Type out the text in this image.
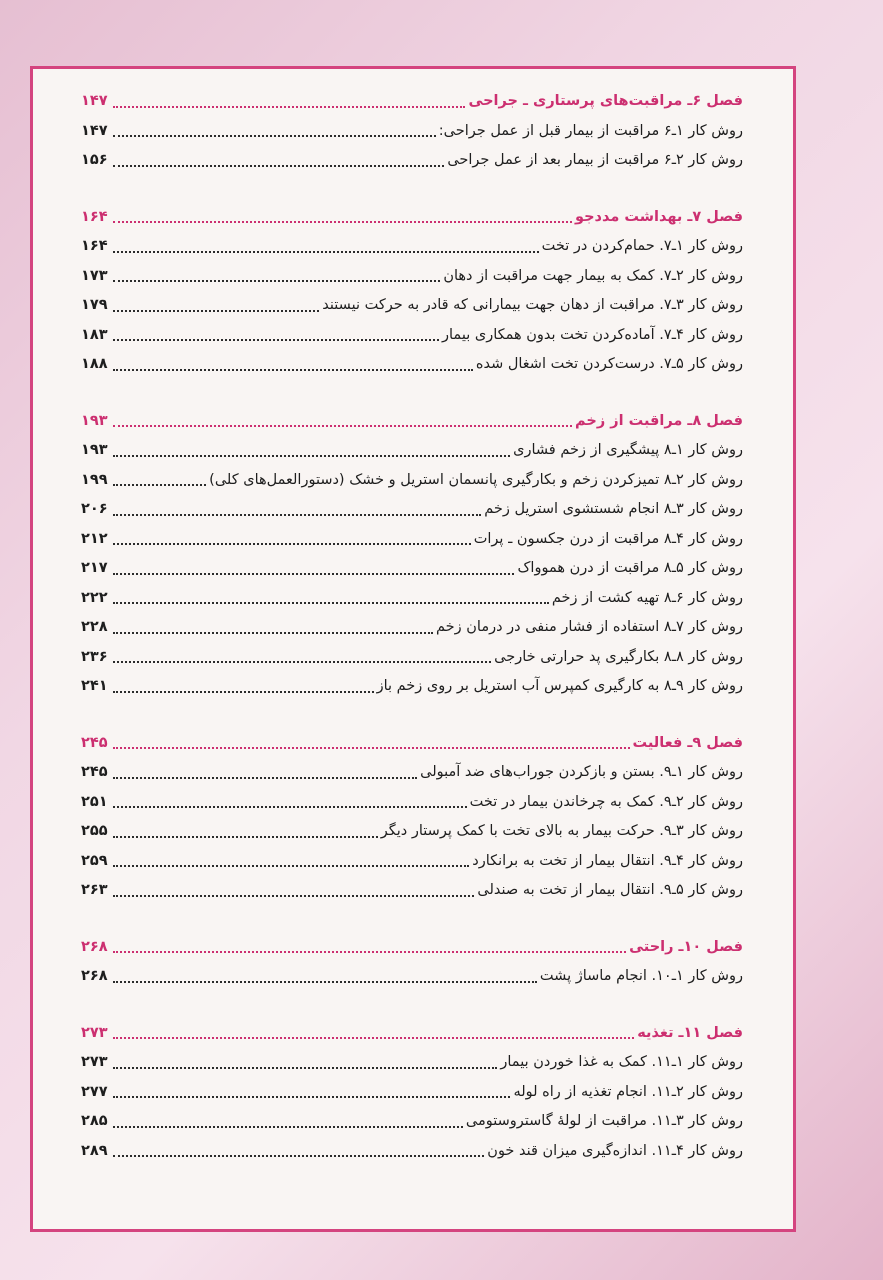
فصل ۶ـ مراقبت‌های پرستاری ـ جراحی
۱۴۷
روش کار ۱ـ۶ مراقبت از بیمار قبل از عمل جراحی:
۱۴۷
روش کار ۲ـ۶ مراقبت از بیمار بعد از عمل جراحی
۱۵۶
فصل ۷ـ بهداشت مددجو
۱۶۴
روش کار ۱ـ۷. حمام‌کردن در تخت
۱۶۴
روش کار ۲ـ۷. کمک به بیمار جهت مراقبت از دهان
۱۷۳
روش کار ۳ـ۷. مراقبت از دهان جهت بیمارانی که قادر به حرکت نیستند
۱۷۹
روش کار ۴ـ۷. آماده‌کردن تخت بدون همکاری بیمار
۱۸۳
روش کار ۵ـ۷. درست‌کردن تخت اشغال شده
۱۸۸
فصل ۸ـ مراقبت از زخم
۱۹۳
روش کار ۱ـ۸ پیشگیری از زخم فشاری
۱۹۳
روش کار ۲ـ۸ تمیزکردن زخم و بکارگیری پانسمان استریل و خشک (دستورالعمل‌های کلی)
۱۹۹
روش کار ۳ـ۸ انجام شستشوی استریل زخم
۲۰۶
روش کار ۴ـ۸ مراقبت از درن جکسون ـ پرات
۲۱۲
روش کار ۵ـ۸ مراقبت از درن هموواک
۲۱۷
روش کار ۶ـ۸ تهیه کشت از زخم
۲۲۲
روش کار ۷ـ۸ استفاده از فشار منفی در درمان زخم
۲۲۸
روش کار ۸ـ۸ بکارگیری پد حرارتی خارجی
۲۳۶
روش کار ۹ـ۸ به کارگیری کمپرس آب استریل بر روی زخم باز
۲۴۱
فصل ۹ـ فعالیت
۲۴۵
روش کار ۱ـ۹. بستن و بازکردن جوراب‌های ضد آمبولی
۲۴۵
روش کار ۲ـ۹. کمک به چرخاندن بیمار در تخت
۲۵۱
روش کار ۳ـ۹. حرکت بیمار به بالای تخت با کمک پرستار دیگر
۲۵۵
روش کار ۴ـ۹. انتقال بیمار از تخت به برانکارد
۲۵۹
روش کار ۵ـ۹. انتقال بیمار از تخت به صندلی
۲۶۳
فصل ۱۰ـ راحتی
۲۶۸
روش کار ۱ـ۱۰. انجام ماساژ پشت
۲۶۸
فصل ۱۱ـ تغذیه
۲۷۳
روش کار ۱ـ۱۱. کمک به غذا خوردن بیمار
۲۷۳
روش کار ۲ـ۱۱. انجام تغذیه از راه لوله
۲۷۷
روش کار ۳ـ۱۱. مراقبت از لولهٔ گاستروستومی
۲۸۵
روش کار ۴ـ۱۱. اندازه‌گیری میزان قند خون
۲۸۹
